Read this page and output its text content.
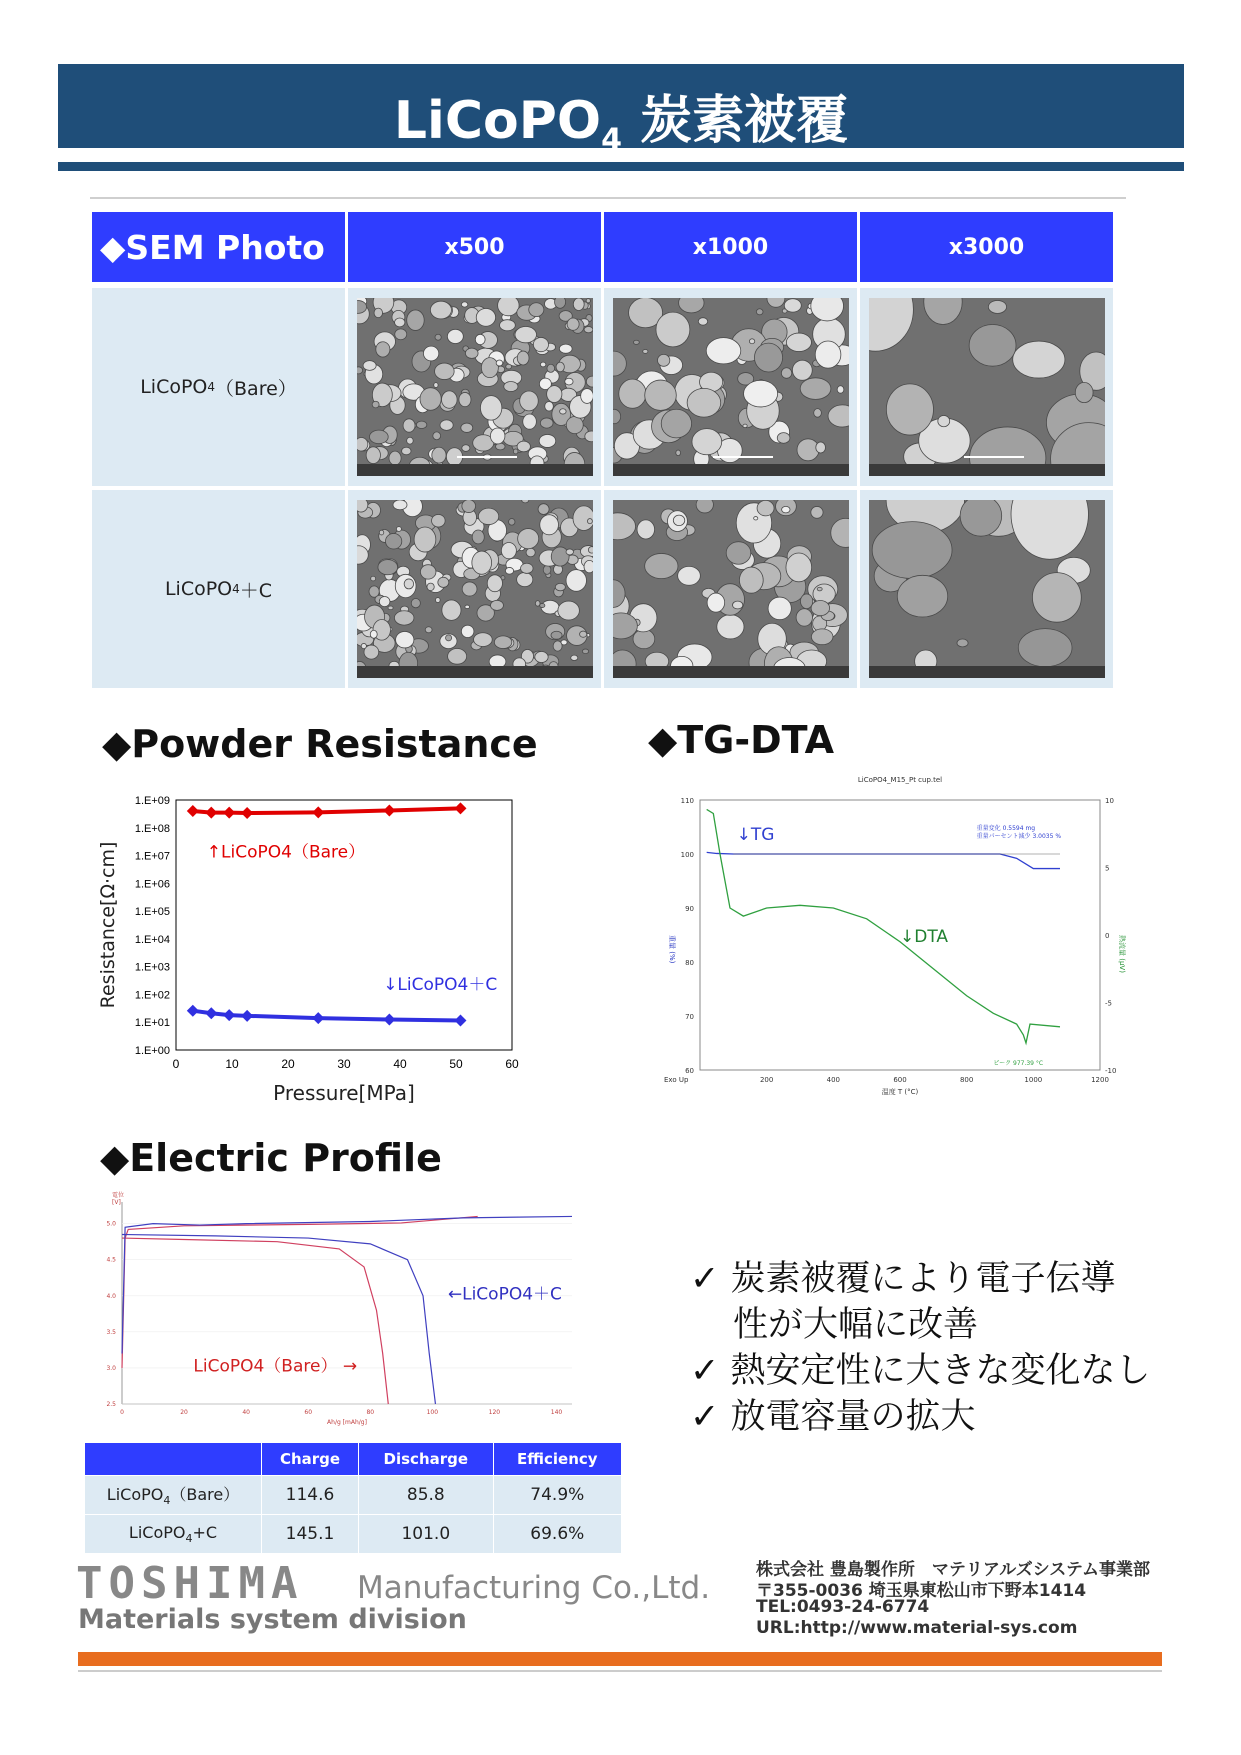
LiCoPO$_4$ 炭素被覆
◆SEM Photo	x500	x1000	x3000
LiCoPO 4 （Bare）
LiCoPO 4 ＋C
◆Powder Resistance
1.E+00
1.E+01
1.E+02
1.E+03
1.E+04
1.E+05
1.E+06
1.E+07
1.E+08
1.E+09
0	10	20	30	40	50	60
Pressure[MPa]
Resistance[Ω·cm]	↑LiCoPO4（Bare）
↓LiCoPO4＋C
◆TG-DTA
LiCoPO4_M15_Pt cup.tel
200	400	600	800	1000	1200
60
70
80
90
100
110
-10
-5
0
5
10
温度 T (°C)
重量 (%)	熱流量 (μV)
Exo Up
↓TG
↓DTA
重量変化 0.5594 mg
重量パーセント減少 3.0035 %
ピーク 977.39 °C
◆Electric Profile
2.5
3.0
3.5
4.0
4.5
5.0
0	20	40	60	80	100	120	140
電位
[V]
Ah/g [mAh/g]
LiCoPO4（Bare） →
←LiCoPO4＋C
	Charge	Discharge	Efficiency
LiCoPO$_4$（Bare）	114.6	85.8	74.9%
LiCoPO$_4$+C	145.1	101.0	69.6%
✓ 炭素被覆により電子伝導
性が大幅に改善
✓ 熱安定性に大きな変化なし
✓ 放電容量の拡大
TOSHIMA Manufacturing Co.,Ltd.
Materials system division
株式会社 豊島製作所　マテリアルズシステム事業部
〒355-0036 埼玉県東松山市下野本1414
TEL:0493-24-6774
URL:http://www.material-sys.com
